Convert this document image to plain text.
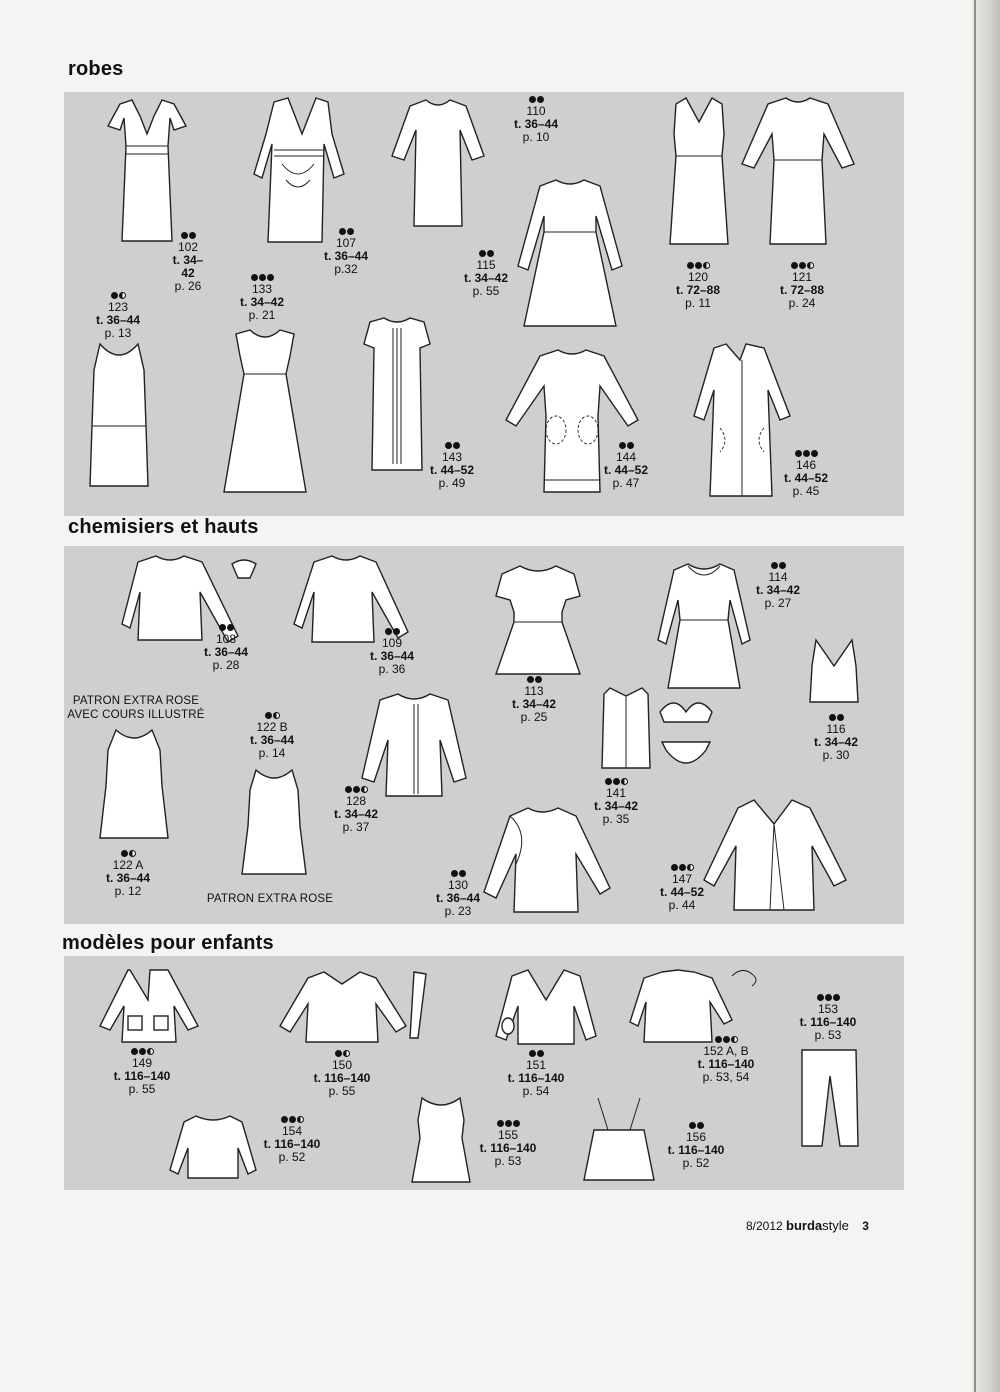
robes
102
t. 34–42
p. 26
107
t. 36–44
p.32
110
t. 36–44
p. 10
115
t. 34–42
p. 55
120
t. 72–88
p. 11
121
t. 72–88
p. 24
123
t. 36–44
p. 13
133
t. 34–42
p. 21
143
t. 44–52
p. 49
144
t. 44–52
p. 47
146
t. 44–52
p. 45
chemisiers et hauts
108
t. 36–44
p. 28
109
t. 36–44
p. 36
113
t. 34–42
p. 25
114
t. 34–42
p. 27
116
t. 34–42
p. 30
PATRON EXTRA ROSE
AVEC COURS ILLUSTRÉ
122 A
t. 36–44
p. 12
122 B
t. 36–44
p. 14
PATRON EXTRA ROSE
128
t. 34–42
p. 37
141
t. 34–42
p. 35
130
t. 36–44
p. 23
147
t. 44–52
p. 44
modèles pour enfants
149
t. 116–140
p. 55
150
t. 116–140
p. 55
151
t. 116–140
p. 54
152 A, B
t. 116–140
p. 53, 54
153
t. 116–140
p. 53
154
t. 116–140
p. 52
155
t. 116–140
p. 53
156
t. 116–140
p. 52
8/2012 burdastyle 3
